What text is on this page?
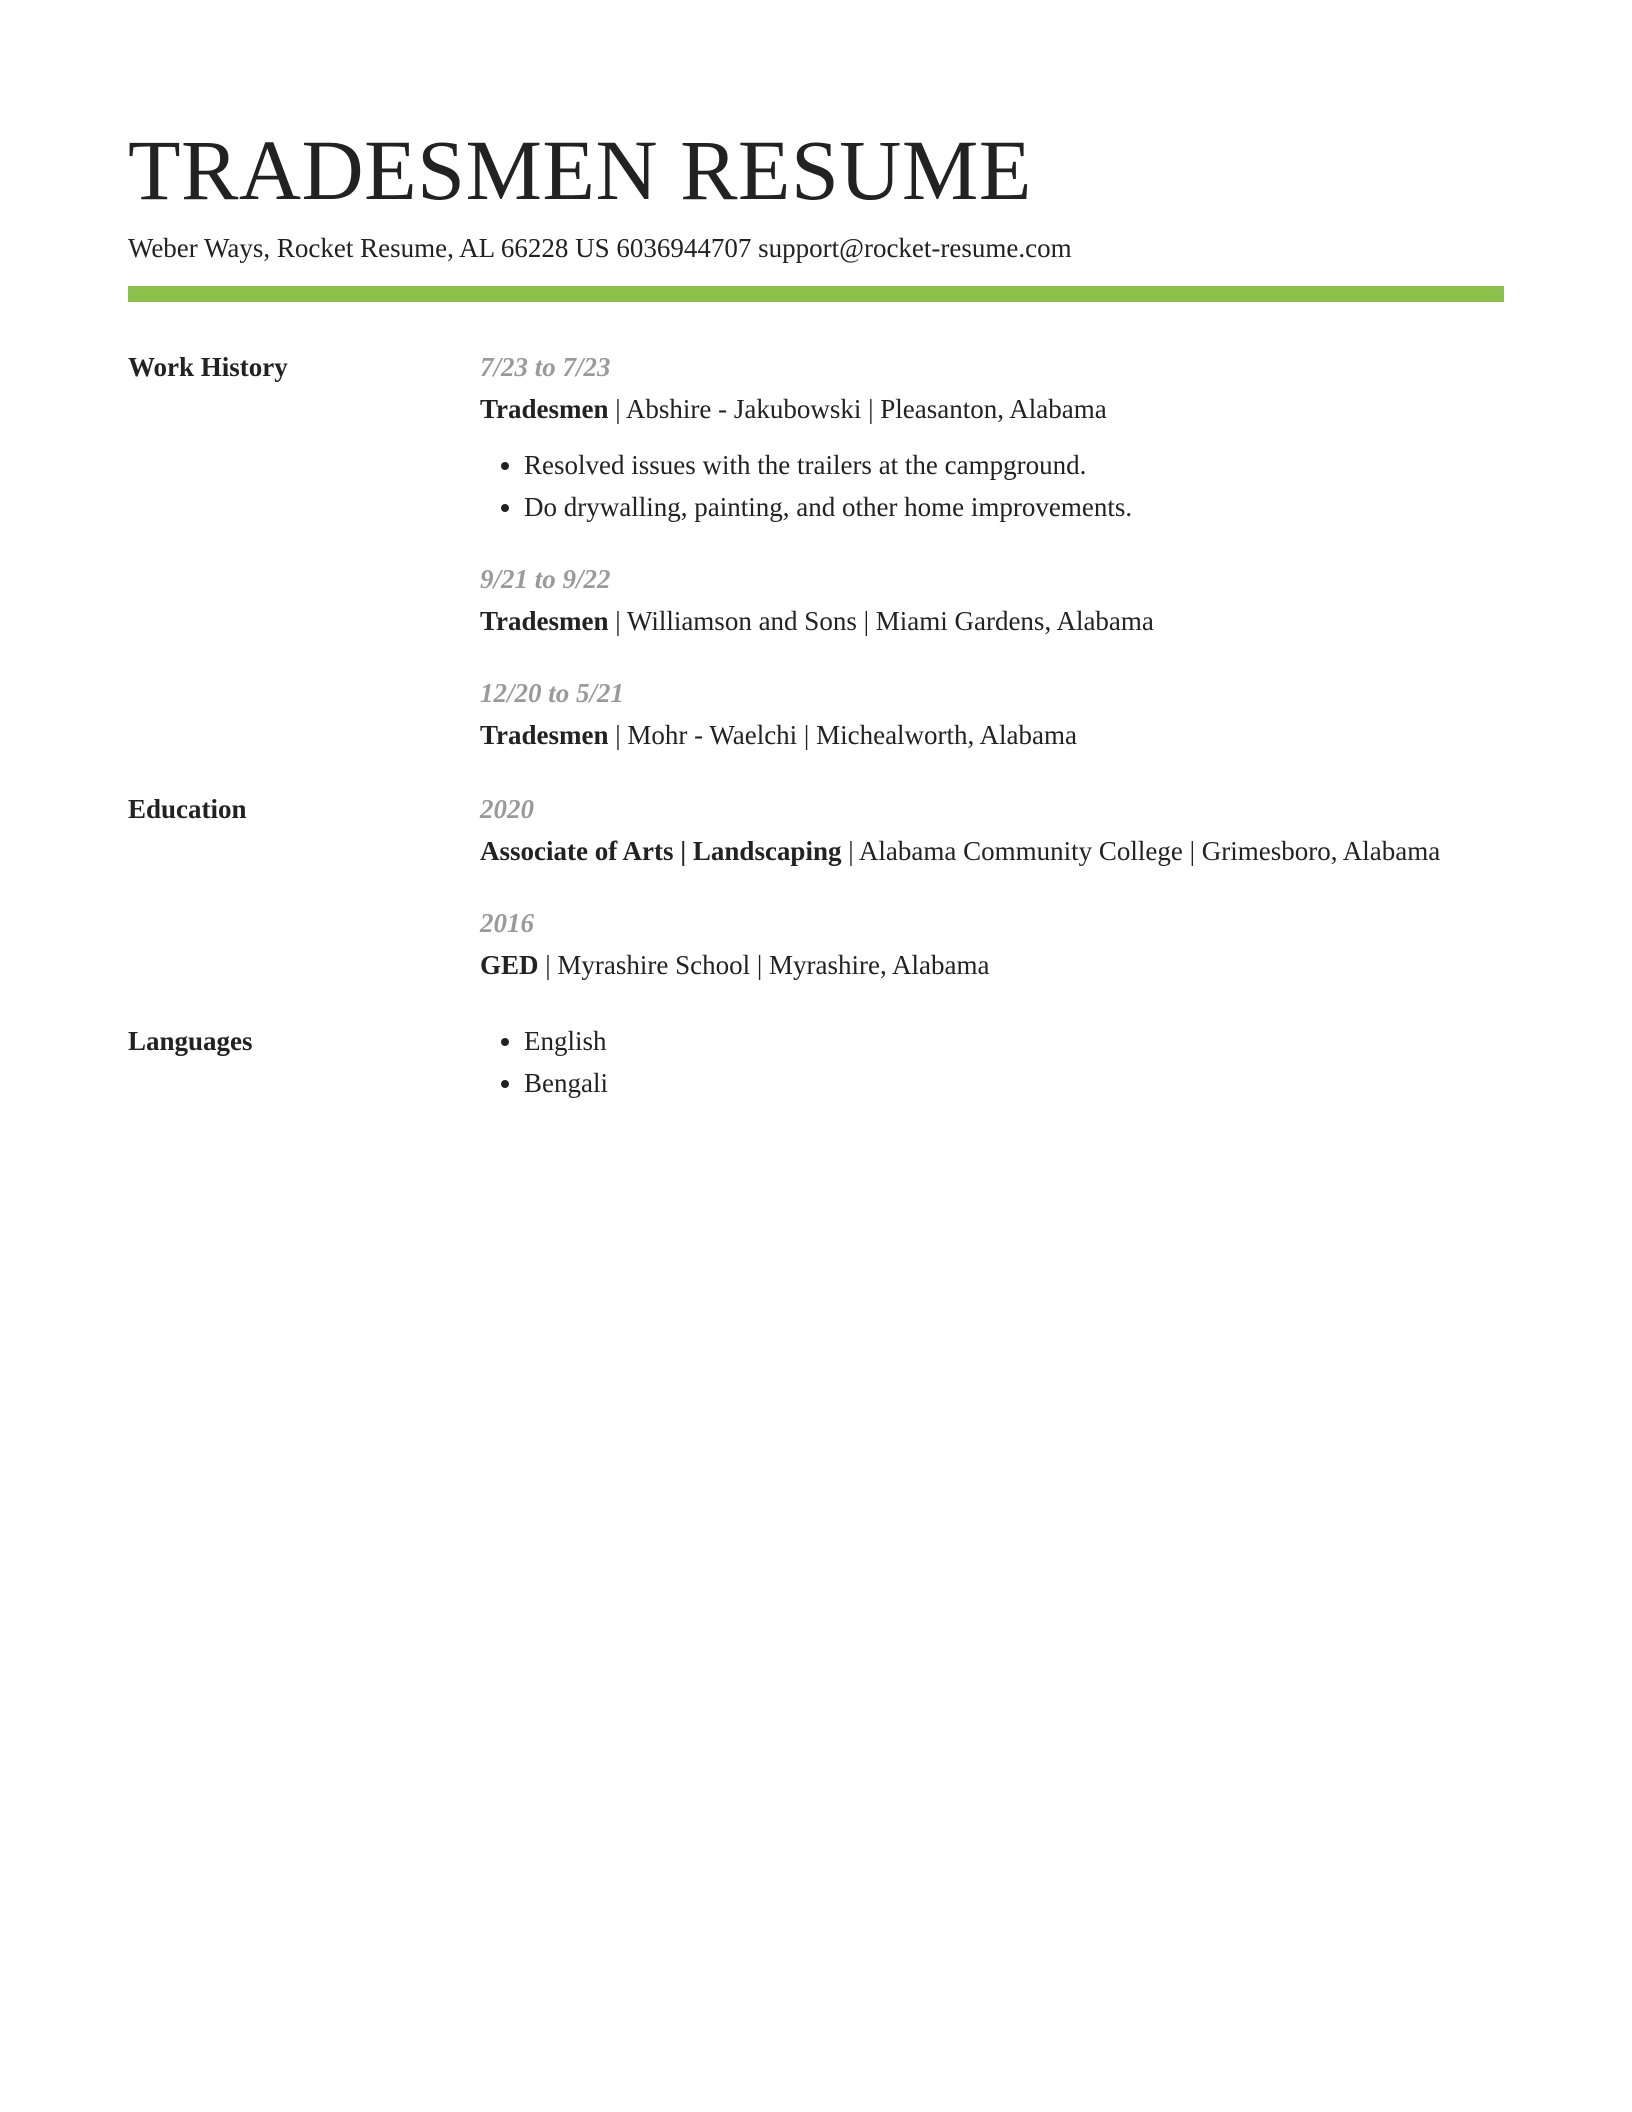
TRADESMEN RESUME
Weber Ways, Rocket Resume, AL 66228 US 6036944707 support@rocket-resume.com
Work History	7/23 to 7/23
Tradesmen | Abshire - Jakubowski | Pleasanton, Alabama
• Resolved issues with the trailers at the campground.
• Do drywalling, painting, and other home improvements.
9/21 to 9/22
Tradesmen | Williamson and Sons | Miami Gardens, Alabama
12/20 to 5/21
Tradesmen | Mohr - Waelchi | Michealworth, Alabama
Education	2020
Associate of Arts | Landscaping | Alabama Community College | Grimesboro, Alabama
2016
GED | Myrashire School | Myrashire, Alabama
Languages
•	English
• Bengali
